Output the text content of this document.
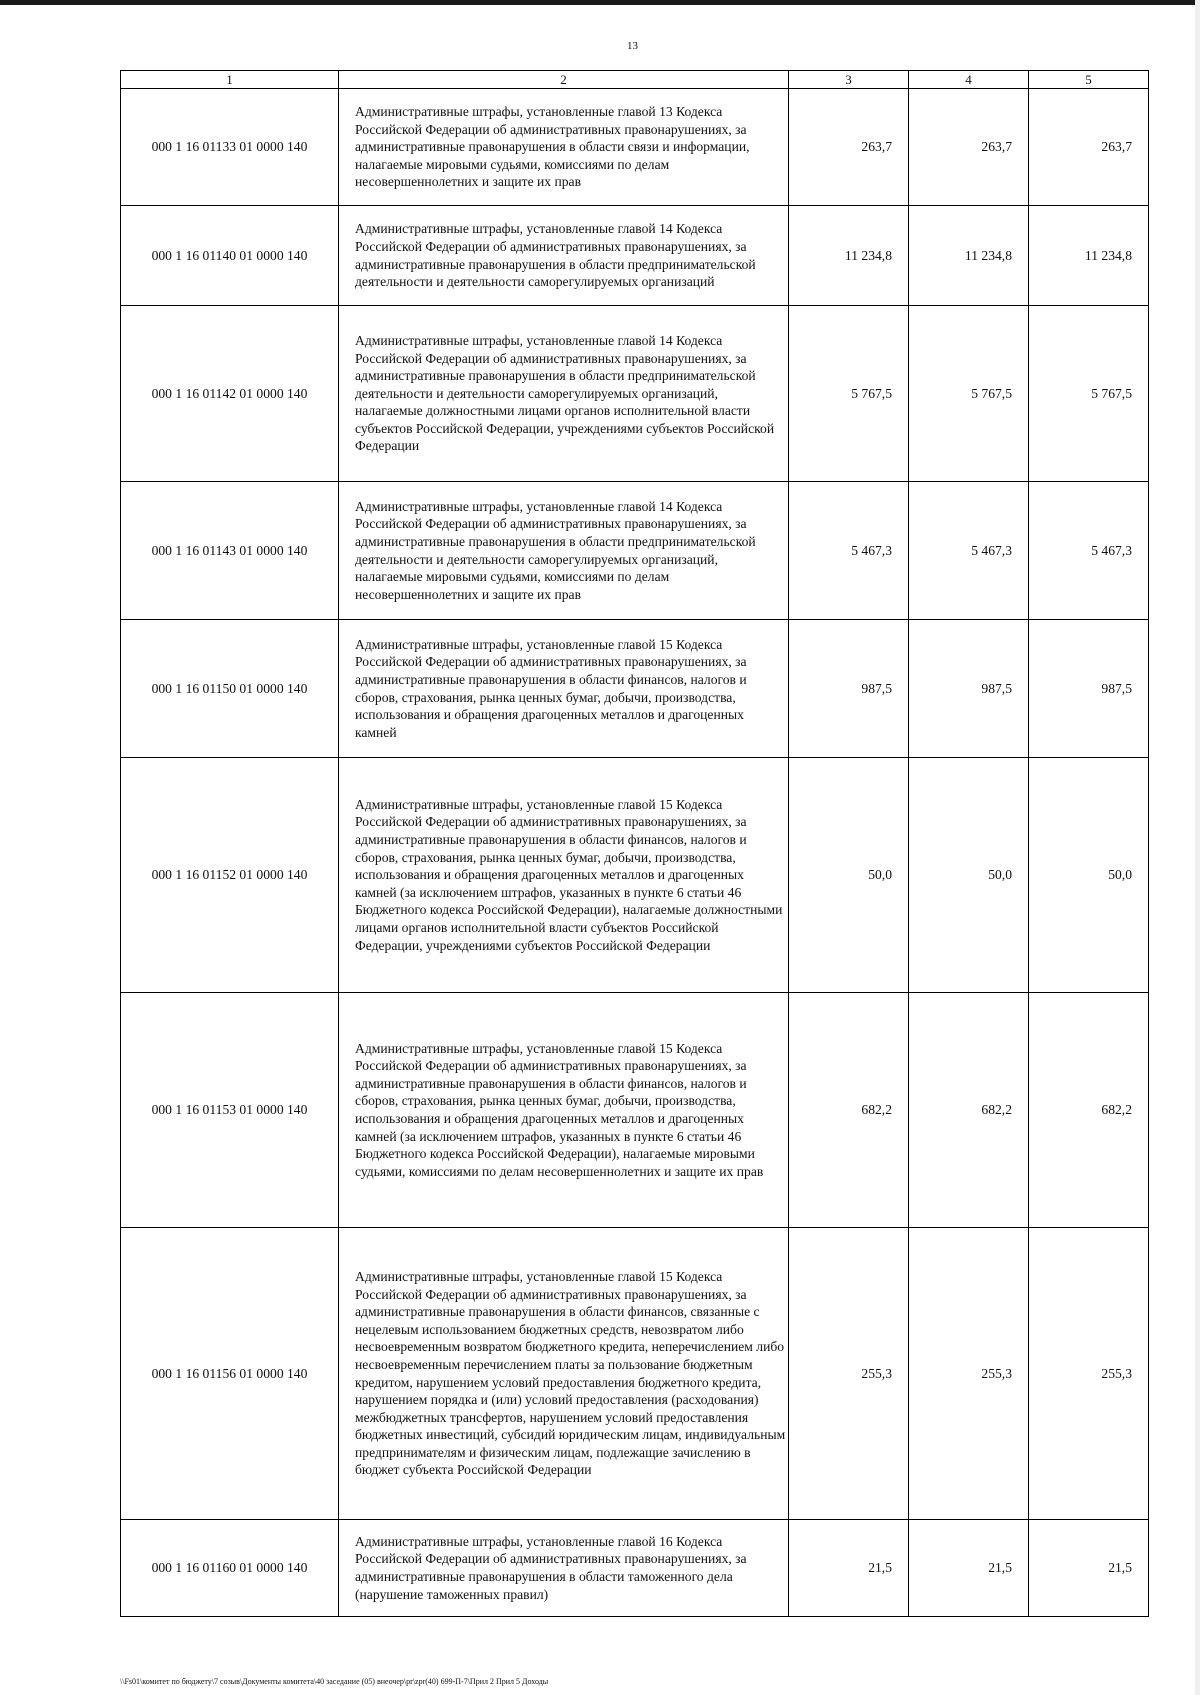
13
1	2	3	4	5
000 1 16 01133 01 0000 140	Административные штрафы, установленные главой 13 Кодекса Российской Федерации об административных правонарушениях, за административные правонарушения в области связи и информации, налагаемые мировыми судьями, комиссиями по делам несовершеннолетних и защите их прав	263,7	263,7	263,7
000 1 16 01140 01 0000 140	Административные штрафы, установленные главой 14 Кодекса Российской Федерации об административных правонарушениях, за административные правонарушения в области предпринимательской деятельности и деятельности саморегулируемых организаций	11 234,8	11 234,8	11 234,8
000 1 16 01142 01 0000 140	Административные штрафы, установленные главой 14 Кодекса Российской Федерации об административных правонарушениях, за административные правонарушения в области предпринимательской деятельности и деятельности саморегулируемых организаций, налагаемые должностными лицами органов исполнительной власти субъектов Российской Федерации, учреждениями субъектов Российской Федерации	5 767,5	5 767,5	5 767,5
000 1 16 01143 01 0000 140	Административные штрафы, установленные главой 14 Кодекса Российской Федерации об административных правонарушениях, за административные правонарушения в области предпринимательской деятельности и деятельности саморегулируемых организаций, налагаемые мировыми судьями, комиссиями по делам несовершеннолетних и защите их прав	5 467,3	5 467,3	5 467,3
000 1 16 01150 01 0000 140	Административные штрафы, установленные главой 15 Кодекса Российской Федерации об административных правонарушениях, за административные правонарушения в области финансов, налогов и сборов, страхования, рынка ценных бумаг, добычи, производства, использования и обращения драгоценных металлов и драгоценных камней	987,5	987,5	987,5
000 1 16 01152 01 0000 140	Административные штрафы, установленные главой 15 Кодекса Российской Федерации об административных правонарушениях, за административные правонарушения в области финансов, налогов и сборов, страхования, рынка ценных бумаг, добычи, производства, использования и обращения драгоценных металлов и драгоценных камней (за исключением штрафов, указанных в пункте 6 статьи 46 Бюджетного кодекса Российской Федерации), налагаемые должностными лицами органов исполнительной власти субъектов Российской Федерации, учреждениями субъектов Российской Федерации	50,0	50,0	50,0
000 1 16 01153 01 0000 140	Административные штрафы, установленные главой 15 Кодекса Российской Федерации об административных правонарушениях, за административные правонарушения в области финансов, налогов и сборов, страхования, рынка ценных бумаг, добычи, производства, использования и обращения драгоценных металлов и драгоценных камней (за исключением штрафов, указанных в пункте 6 статьи 46 Бюджетного кодекса Российской Федерации), налагаемые мировыми судьями, комиссиями по делам несовершеннолетних и защите их прав	682,2	682,2	682,2
000 1 16 01156 01 0000 140	Административные штрафы, установленные главой 15 Кодекса Российской Федерации об административных правонарушениях, за административные правонарушения в области финансов, связанные с нецелевым использованием бюджетных средств, невозвратом либо несвоевременным возвратом бюджетного кредита, неперечислением либо несвоевременным перечислением платы за пользование бюджетным кредитом, нарушением условий предоставления бюджетного кредита, нарушением порядка и (или) условий предоставления (расходования) межбюджетных трансфертов, нарушением условий предоставления бюджетных инвестиций, субсидий юридическим лицам, индивидуальным предпринимателям и физическим лицам, подлежащие зачислению в бюджет субъекта Российской Федерации	255,3	255,3	255,3
000 1 16 01160 01 0000 140	Административные штрафы, установленные главой 16 Кодекса Российской Федерации об административных правонарушениях, за административные правонарушения в области таможенного дела (нарушение таможенных правил)	21,5	21,5	21,5
\\Fs01\комитет по бюджету\7 созыв\Документы комитета\40 заседание (05) внеочер\pr\zpr(40) 699-П-7\Прил 2 Прил 5 Доходы
